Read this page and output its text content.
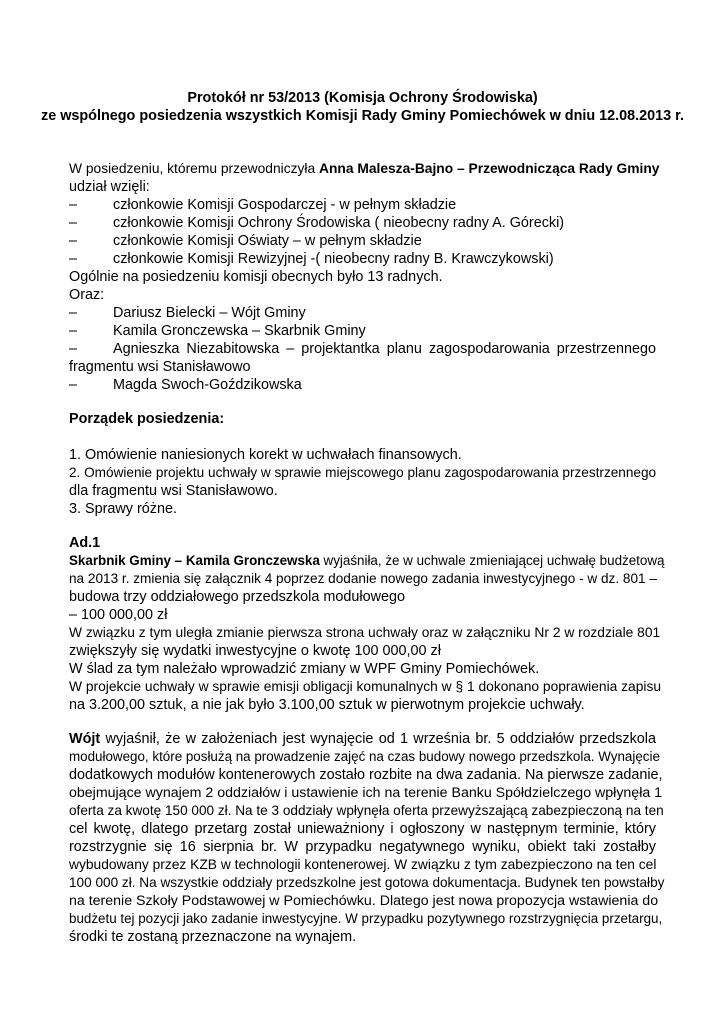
Protokół nr 53/2013 (Komisja Ochrony Środowiska)
ze wspólnego posiedzenia wszystkich Komisji Rady Gminy Pomiechówek w dniu 12.08.2013 r.
W posiedzeniu, któremu przewodniczyła Anna Malesza-Bajno – Przewodnicząca Rady Gminy
udział wzięli:
– członkowie Komisji Gospodarczej - w pełnym składzie
– członkowie Komisji Ochrony Środowiska ( nieobecny radny A. Górecki)
– członkowie Komisji Oświaty – w pełnym składzie
– członkowie Komisji Rewizyjnej -( nieobecny radny B. Krawczykowski)
Ogólnie na posiedzeniu komisji obecnych było 13 radnych.
Oraz:
– Dariusz Bielecki – Wójt Gminy
– Kamila Gronczewska – Skarbnik Gminy
– Agnieszka Niezabitowska – projektantka planu zagospodarowania przestrzennego
fragmentu wsi Stanisławowo
– Magda Swoch-Goździkowska
Porządek posiedzenia:
1. Omówienie naniesionych korekt w uchwałach finansowych.
2. Omówienie projektu uchwały w sprawie miejscowego planu zagospodarowania przestrzennego
dla fragmentu wsi Stanisławowo.
3. Sprawy różne.
Ad.1
Skarbnik Gminy – Kamila Gronczewska wyjaśniła, że w uchwale zmieniającej uchwałę budżetową
na 2013 r. zmienia się załącznik 4 poprzez dodanie nowego zadania inwestycyjnego - w dz. 801 –
budowa trzy oddziałowego przedszkola modułowego
– 100 000,00 zł
W związku z tym uległa zmianie pierwsza strona uchwały oraz w załączniku Nr 2 w rozdziale 801
zwiększyły się wydatki inwestycyjne o kwotę 100 000,00 zł
W ślad za tym należało wprowadzić zmiany w WPF Gminy Pomiechówek.
W projekcie uchwały w sprawie emisji obligacji komunalnych w § 1 dokonano poprawienia zapisu
na 3.200,00 sztuk, a nie jak było 3.100,00 sztuk w pierwotnym projekcie uchwały.
Wójt wyjaśnił, że w założeniach jest wynajęcie od 1 września br. 5 oddziałów przedszkola
modułowego, które posłużą na prowadzenie zajęć na czas budowy nowego przedszkola. Wynajęcie
dodatkowych modułów kontenerowych zostało rozbite na dwa zadania. Na pierwsze zadanie,
obejmujące wynajem 2 oddziałów i ustawienie ich na terenie Banku Spółdzielczego wpłynęła 1
oferta za kwotę 150 000 zł. Na te 3 oddziały wpłynęła oferta przewyższającą zabezpieczoną na ten
cel kwotę, dlatego przetarg został unieważniony i ogłoszony w następnym terminie, który
rozstrzygnie się 16 sierpnia br. W przypadku negatywnego wyniku, obiekt taki zostałby
wybudowany przez KZB w technologii kontenerowej. W związku z tym zabezpieczono na ten cel
100 000 zł. Na wszystkie oddziały przedszkolne jest gotowa dokumentacja. Budynek ten powstałby
na terenie Szkoły Podstawowej w Pomiechówku. Dlatego jest nowa propozycja wstawienia do
budżetu tej pozycji jako zadanie inwestycyjne. W przypadku pozytywnego rozstrzygnięcia przetargu,
środki te zostaną przeznaczone na wynajem.
